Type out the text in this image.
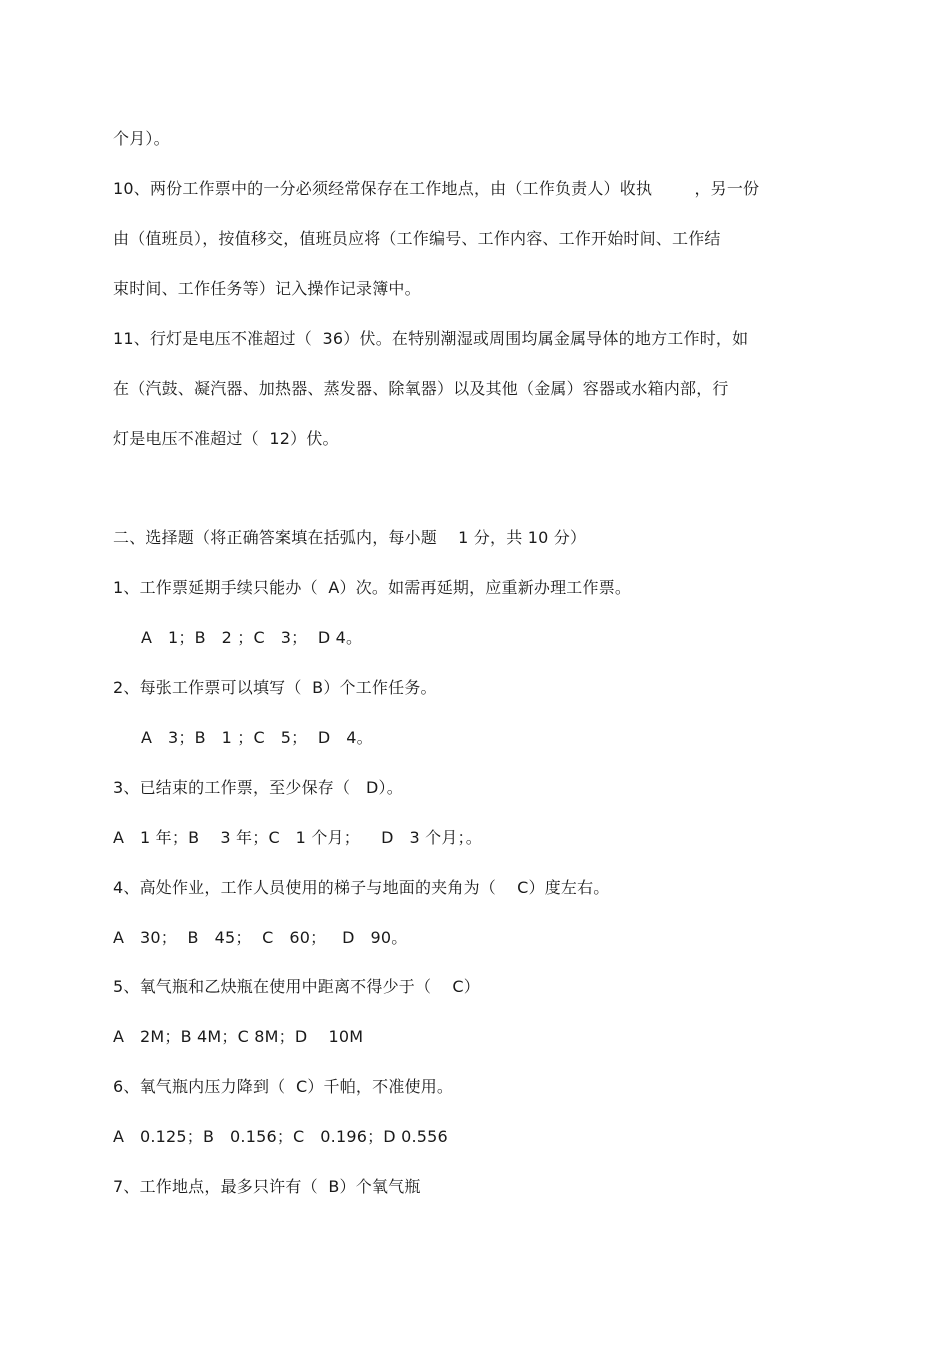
个月）。
10、两份工作票中的一分必须经常保存在工作地点，由（工作负责人）收执        ，另一份
由（值班员），按值移交，值班员应将（工作编号、工作内容、工作开始时间、工作结
束时间、工作任务等）记入操作记录簿中。
11、行灯是电压不准超过（  36）伏。在特别潮湿或周围均属金属导体的地方工作时，如
在（汽鼓、凝汽器、加热器、蒸发器、除氧器）以及其他（金属）容器或水箱内部，行
灯是电压不准超过（  12）伏。
二、选择题（将正确答案填在括弧内，每小题    1 分，共 10 分）
1、工作票延期手续只能办（  A）次。如需再延期，应重新办理工作票。
A   1；B   2 ；C   3；  D 4。
2、每张工作票可以填写（  B）个工作任务。
A   3；B   1 ；C   5；  D   4。
3、已结束的工作票，至少保存（   D）。
A   1 年；B    3 年；C   1 个月；    D   3 个月；。
4、高处作业，工作人员使用的梯子与地面的夹角为（    C）度左右。
A   30；  B   45；  C   60；   D   90。
5、氧气瓶和乙炔瓶在使用中距离不得少于（    C）
A   2M；B 4M；C 8M；D    10M
6、氧气瓶内压力降到（  C）千帕，不准使用。
A   0.125；B   0.156；C   0.196；D 0.556
7、工作地点，最多只许有（  B）个氧气瓶
